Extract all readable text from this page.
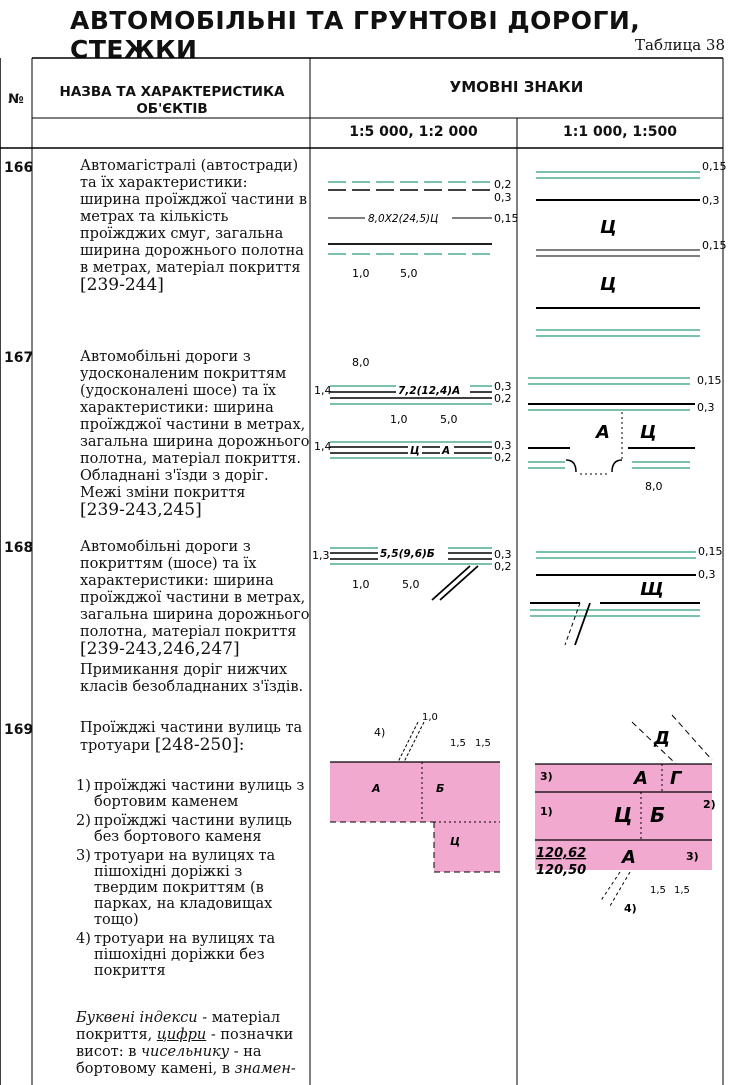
АВТОМОБІЛЬНІ ТА ГРУНТОВІ ДОРОГИ, СТЕЖКИ	Таблица 38
№	НАЗВА ТА ХАРАКТЕРИСТИКА ОБ'ЄКТІВ
УМОВНІ ЗНАКИ
1:5 000, 1:2 000	1:1 000, 1:500
166	Автомагістралі (автостради) та їх характеристики: ширина проїжджої частини в метрах та кількість проїжджих смуг, загальна ширина дорожнього полотна в метрах, матеріал покриття

[239-244]

167	Автомобільні дороги з удосконаленим покриттям (удосконалені шосе) та їх характеристики: ширина проїжджої частини в метрах, загальна ширина дорожнього полотна, матеріал покриття. Обладнані з'їзди з доріг. Межі зміни покриття

[239-243,245]

168	Автомобільні дороги з покриттям (шосе) та їх характеристики: ширина проїжджої частини в метрах, загальна ширина дорожнього полотна, матеріал покриття

[239-243,246,247]

Примикання доріг нижчих класів безобладнаних з'їздів.

169	Проїжджі частини вулиць та тротуари [248-250]:

1) проїжджі частини вулиць з бортовим каменем
2) проїжджі частини вулиць без бортового каменя
3) тротуари на вулицях та пішохідні доріжкі з твердим покриттям (в парках, на кладовищах тощо)
4) тротуари на вулицях та пішохідні доріжки без покриття
Буквені індекси - матеріал покриття, цифри - позначки висот: в чисельнику - на бортовому камені, в знамен-
0,2
0,3
8,0X2(24,5)Ц	0,15
1,0	5,0
0,15
0,3
Ц
0,15
Ц
8,0
1,4	7,2(12,4)А	0,3
0,2
1,0	5,0
1,4	Ц А	0,3
0,2
0,15
0,3
А Ц
8,0
1,3	5,5(9,6)Б	0,3
0,2
1,0	5,0
0,15
0,3
Щ
4)
1,0
1,5 1,5
А	Б
Ц
Д
3)	А Г
1)	Ц Б	2)
120,62
120,50
А	3)
4)
1,5 1,5
